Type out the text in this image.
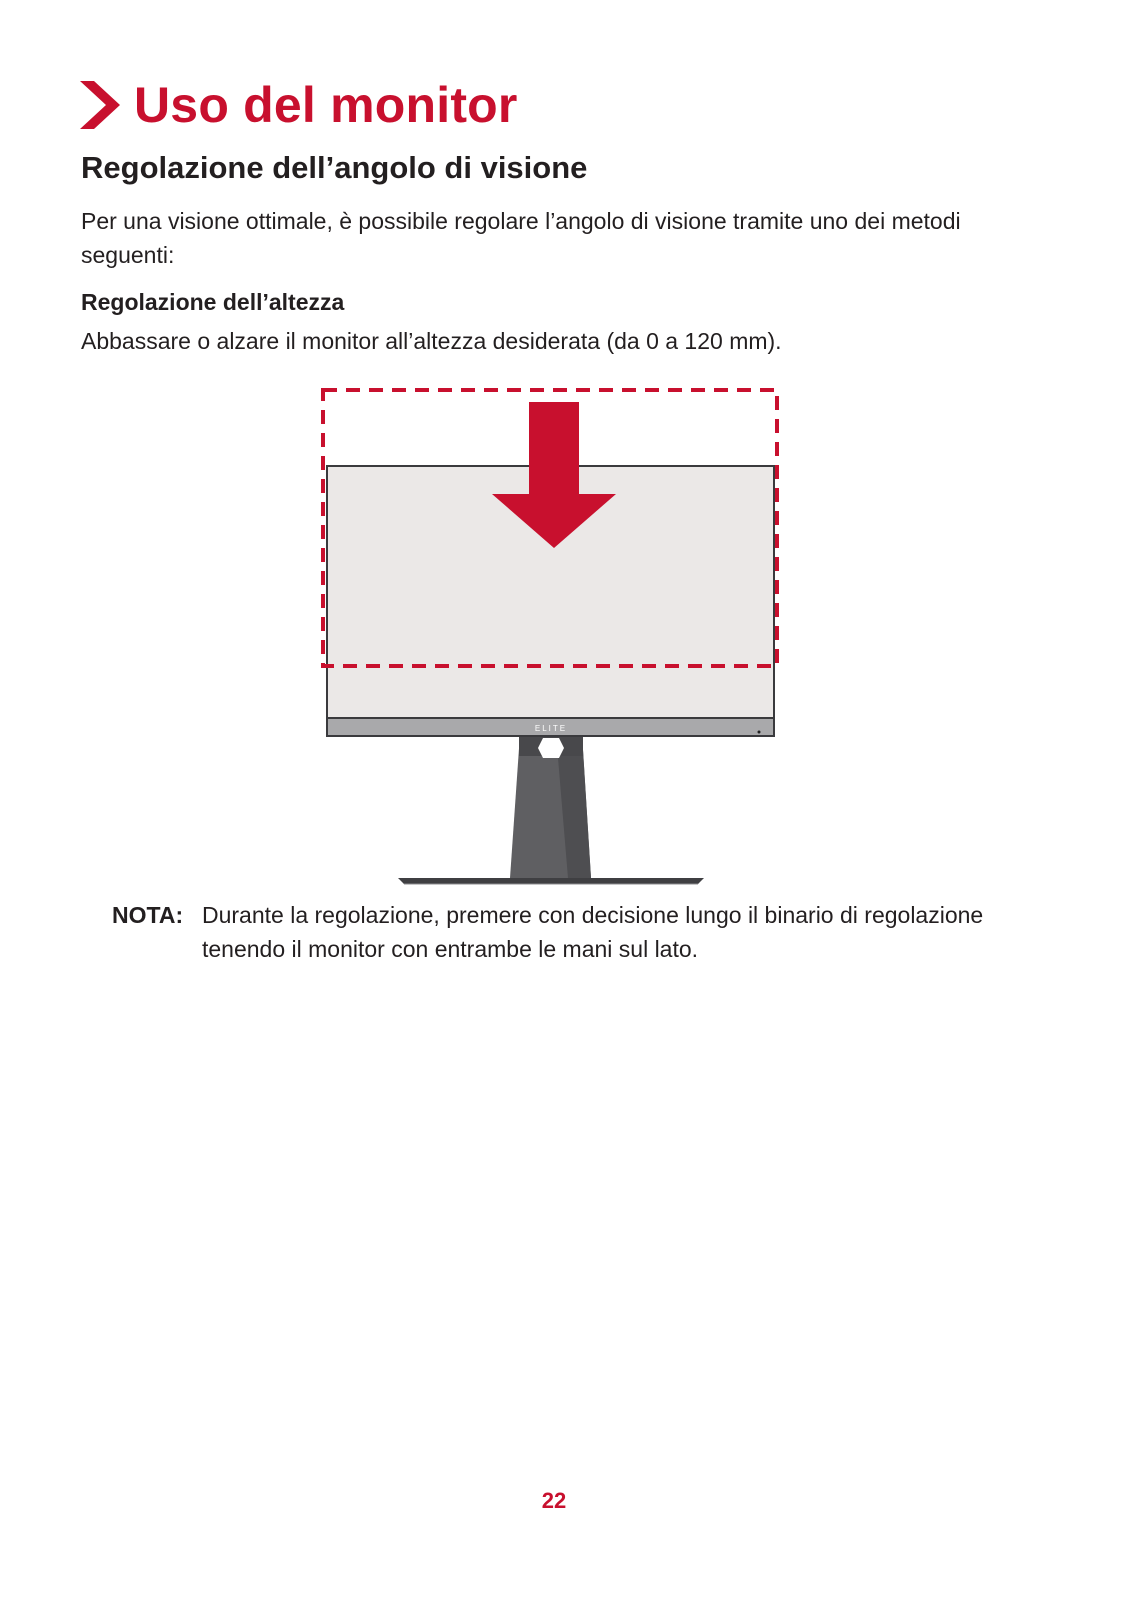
Uso del monitor
Regolazione dell’angolo di visione

Per una visione ottimale, è possibile regolare l’angolo di visione tramite uno dei metodi seguenti:

Regolazione dell’altezza
Abbassare o alzare il monitor all’altezza desiderata (da 0 a 120 mm).
ELITE
NOTA: Durante la regolazione, premere con decisione lungo il binario di regolazione tenendo il monitor con entrambe le mani sul lato.
22
